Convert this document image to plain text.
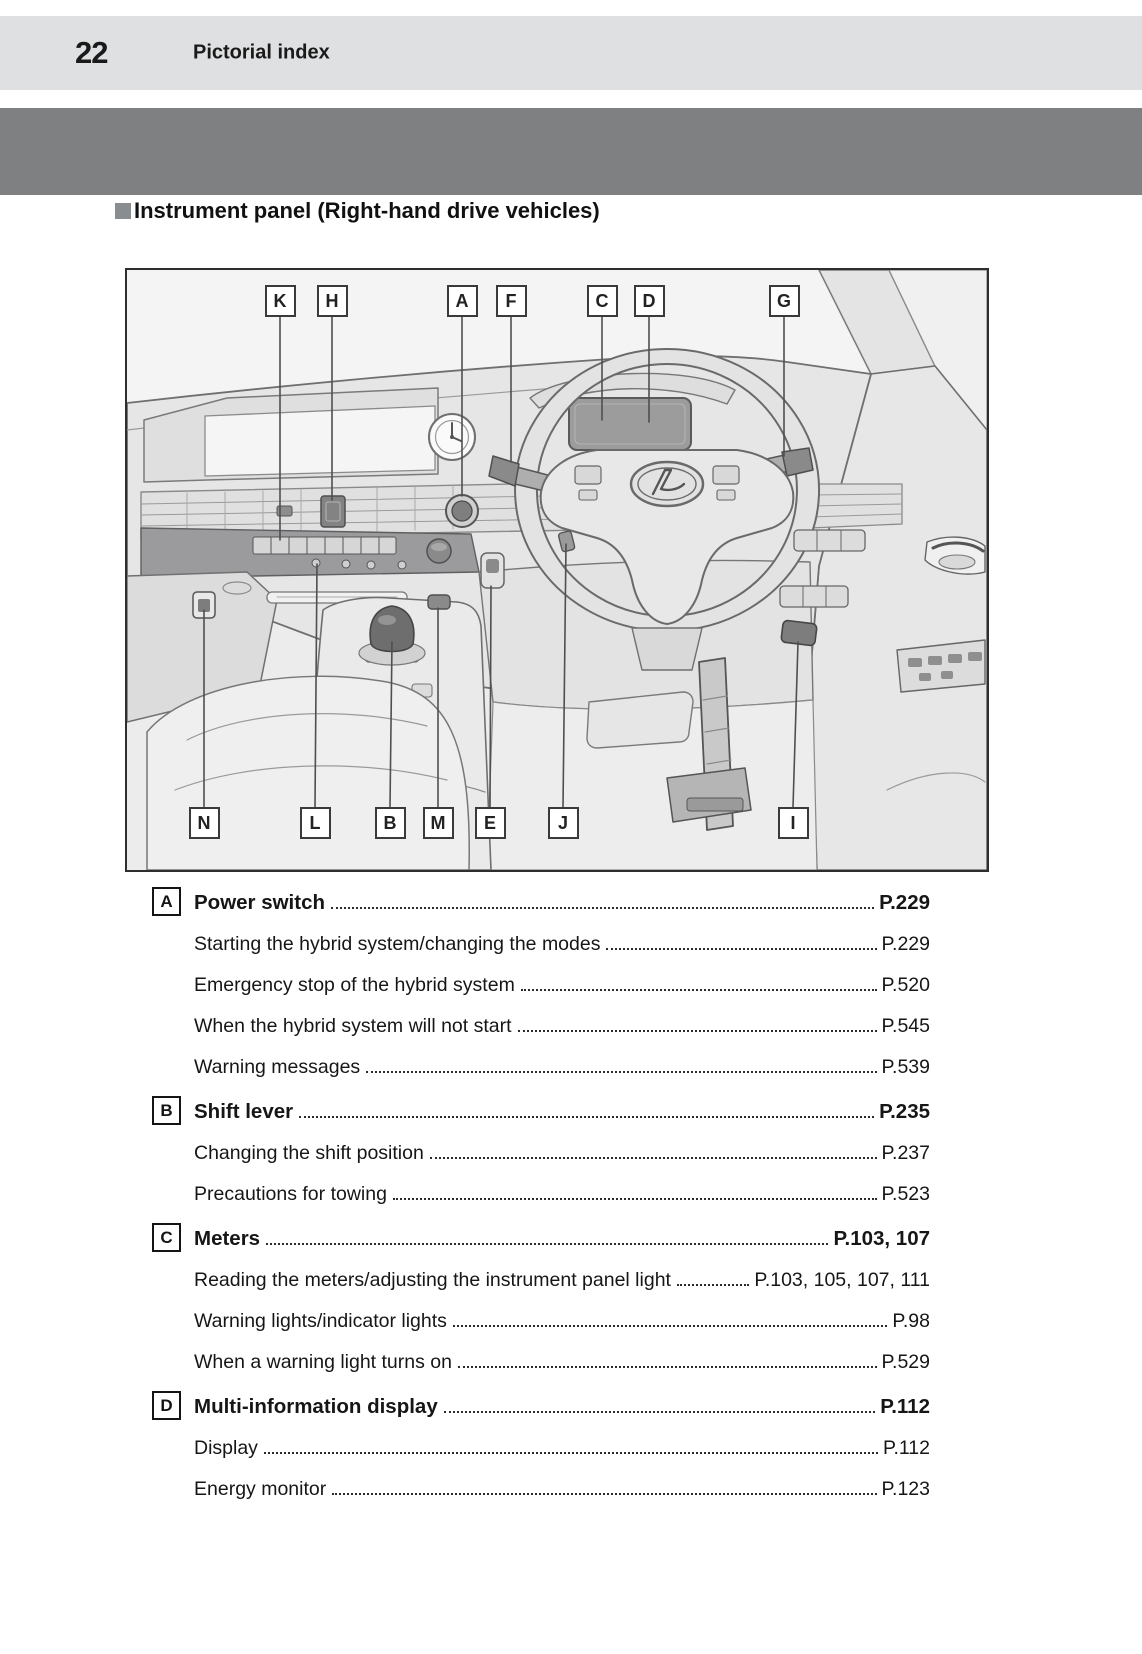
22	Pictorial index
Instrument panel (Right-hand drive vehicles)
K	H	A	F	C	D	G
N	L	B	M	E	J	I
A	Power switch	P.229
Starting the hybrid system/changing the modes	P.229
Emergency stop of the hybrid system	P.520
When the hybrid system will not start	P.545
Warning messages	P.539
B	Shift lever	P.235
Changing the shift position	P.237
Precautions for towing	P.523
C	Meters	P.103, 107
Reading the meters/adjusting the instrument panel light	P.103, 105, 107, 111
Warning lights/indicator lights	P.98
When a warning light turns on	P.529
D	Multi-information display	P.112
Display	P.112
Energy monitor	P.123
